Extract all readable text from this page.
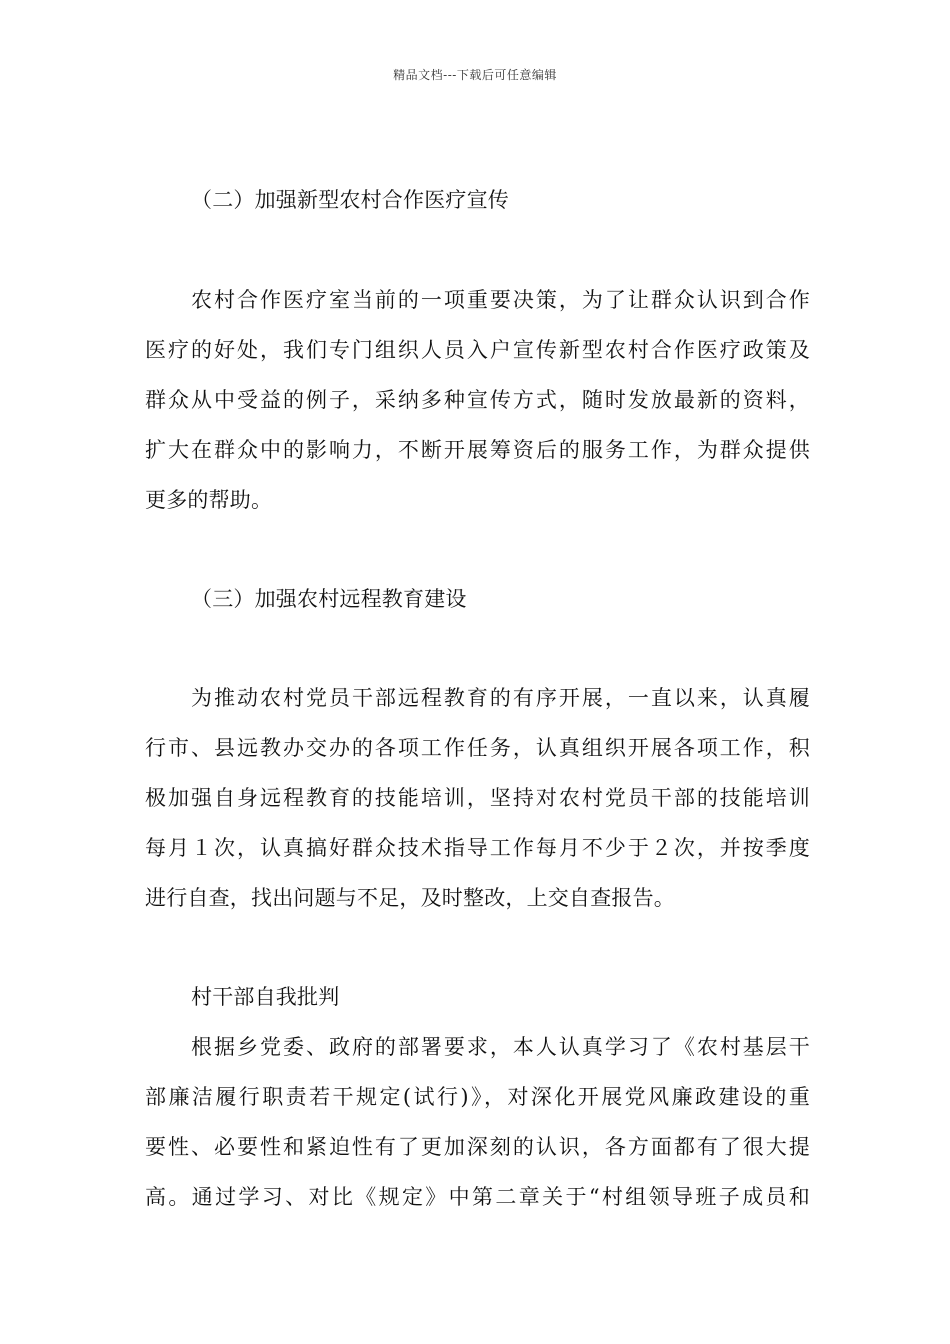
精品文档---下载后可任意编辑
（二）加强新型农村合作医疗宣传
农村合作医疗室当前的一项重要决策，为了让群众认识到合作
医疗的好处，我们专门组织人员入户宣传新型农村合作医疗政策及
群众从中受益的例子，采纳多种宣传方式，随时发放最新的资料，
扩大在群众中的影响力，不断开展筹资后的服务工作，为群众提供
更多的帮助。
（三）加强农村远程教育建设
为推动农村党员干部远程教育的有序开展，一直以来，认真履
行市、县远教办交办的各项工作任务，认真组织开展各项工作，积
极加强自身远程教育的技能培训，坚持对农村党员干部的技能培训
每月１次，认真搞好群众技术指导工作每月不少于２次，并按季度
进行自查，找出问题与不足，及时整改，上交自查报告。
村干部自我批判
根据乡党委、政府的部署要求，本人认真学习了《农村基层干
部廉洁履行职责若干规定(试行)》，对深化开展党风廉政建设的重
要性、必要性和紧迫性有了更加深刻的认识，各方面都有了很大提
高。通过学习、对比《规定》中第二章关于“村组领导班子成员和
